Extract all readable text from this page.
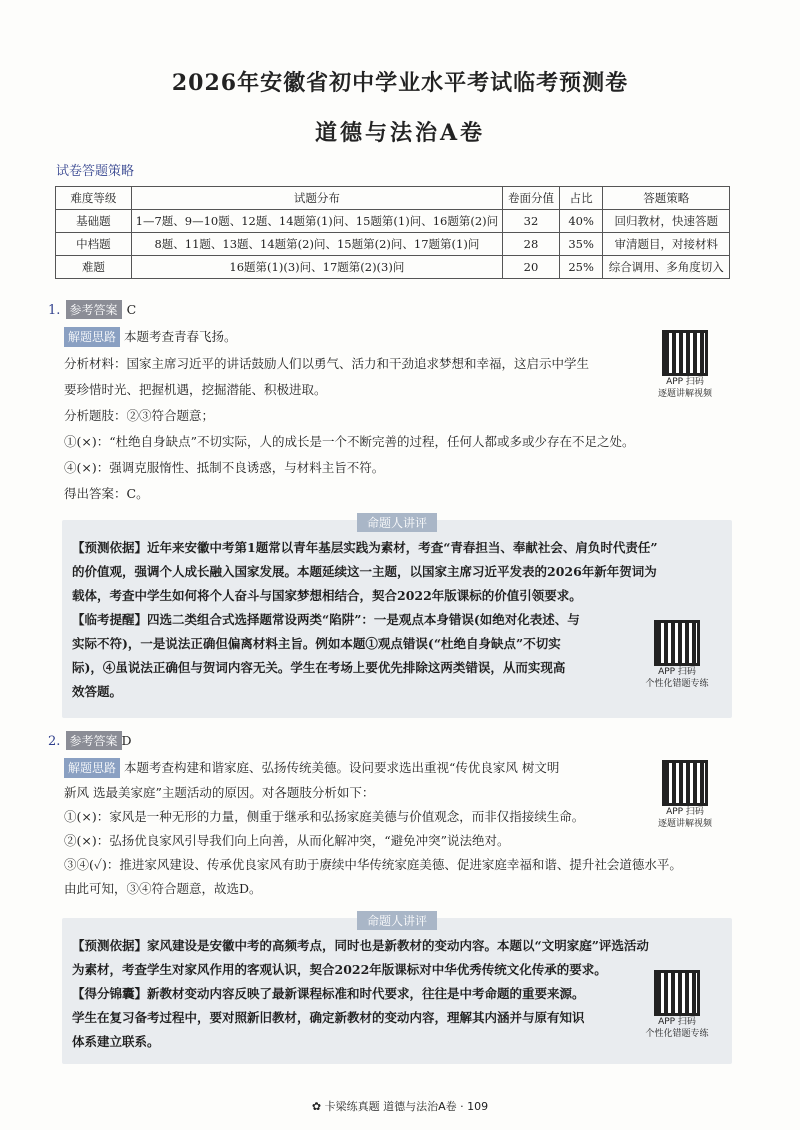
2026年安徽省初中学业水平考试临考预测卷
道德与法治A卷
试卷答题策略
难度等级	试题分布	卷面分值	占比	答题策略
基础题	1—7题、9—10题、12题、14题第(1)问、15题第(1)问、16题第(2)问	32	40%	回归教材，快速答题
中档题	8题、11题、13题、14题第(2)问、15题第(2)问、17题第(1)问	28	35%	审清题目，对接材料
难题	16题第(1)(3)问、17题第(2)(3)问	20	25%	综合调用、多角度切入
1. 参考答案 C
解题思路 本题考查青春飞扬。
分析材料：国家主席习近平的讲话鼓励人们以勇气、活力和干劲追求梦想和幸福，这启示中学生
要珍惜时光、把握机遇，挖掘潜能、积极进取。
分析题肢：②③符合题意；
①(×)：“杜绝自身缺点”不切实际，人的成长是一个不断完善的过程，任何人都或多或少存在不足之处。
④(×)：强调克服惰性、抵制不良诱惑，与材料主旨不符。
得出答案：C。
APP 扫码
逐题讲解视频
命题人讲评
【预测依据】近年来安徽中考第1题常以青年基层实践为素材，考查“青春担当、奉献社会、肩负时代责任”
的价值观，强调个人成长融入国家发展。本题延续这一主题，以国家主席习近平发表的2026年新年贺词为
载体，考查中学生如何将个人奋斗与国家梦想相结合，契合2022年版课标的价值引领要求。
【临考提醒】四选二类组合式选择题常设两类“陷阱”：一是观点本身错误(如绝对化表述、与
实际不符)，一是说法正确但偏离材料主旨。例如本题①观点错误(“杜绝自身缺点”不切实
际)，④虽说法正确但与贺词内容无关。学生在考场上要优先排除这两类错误，从而实现高
效答题。
APP 扫码
个性化错题专练
2. 参考答案 D
解题思路 本题考查构建和谐家庭、弘扬传统美德。设问要求选出重视“传优良家风 树文明
新风 选最美家庭”主题活动的原因。对各题肢分析如下：
①(×)：家风是一种无形的力量，侧重于继承和弘扬家庭美德与价值观念，而非仅指接续生命。
②(×)：弘扬优良家风引导我们向上向善，从而化解冲突，“避免冲突”说法绝对。
③④(✓)：推进家风建设、传承优良家风有助于赓续中华传统家庭美德、促进家庭幸福和谐、提升社会道德水平。
由此可知，③④符合题意，故选D。
APP 扫码
逐题讲解视频
命题人讲评
【预测依据】家风建设是安徽中考的高频考点，同时也是新教材的变动内容。本题以“文明家庭”评选活动
为素材，考查学生对家风作用的客观认识，契合2022年版课标对中华优秀传统文化传承的要求。
【得分锦囊】新教材变动内容反映了最新课程标准和时代要求，往往是中考命题的重要来源。
学生在复习备考过程中，要对照新旧教材，确定新教材的变动内容，理解其内涵并与原有知识
体系建立联系。
APP 扫码
个性化错题专练
✿ 卡梁练真题 道德与法治A卷 · 109
